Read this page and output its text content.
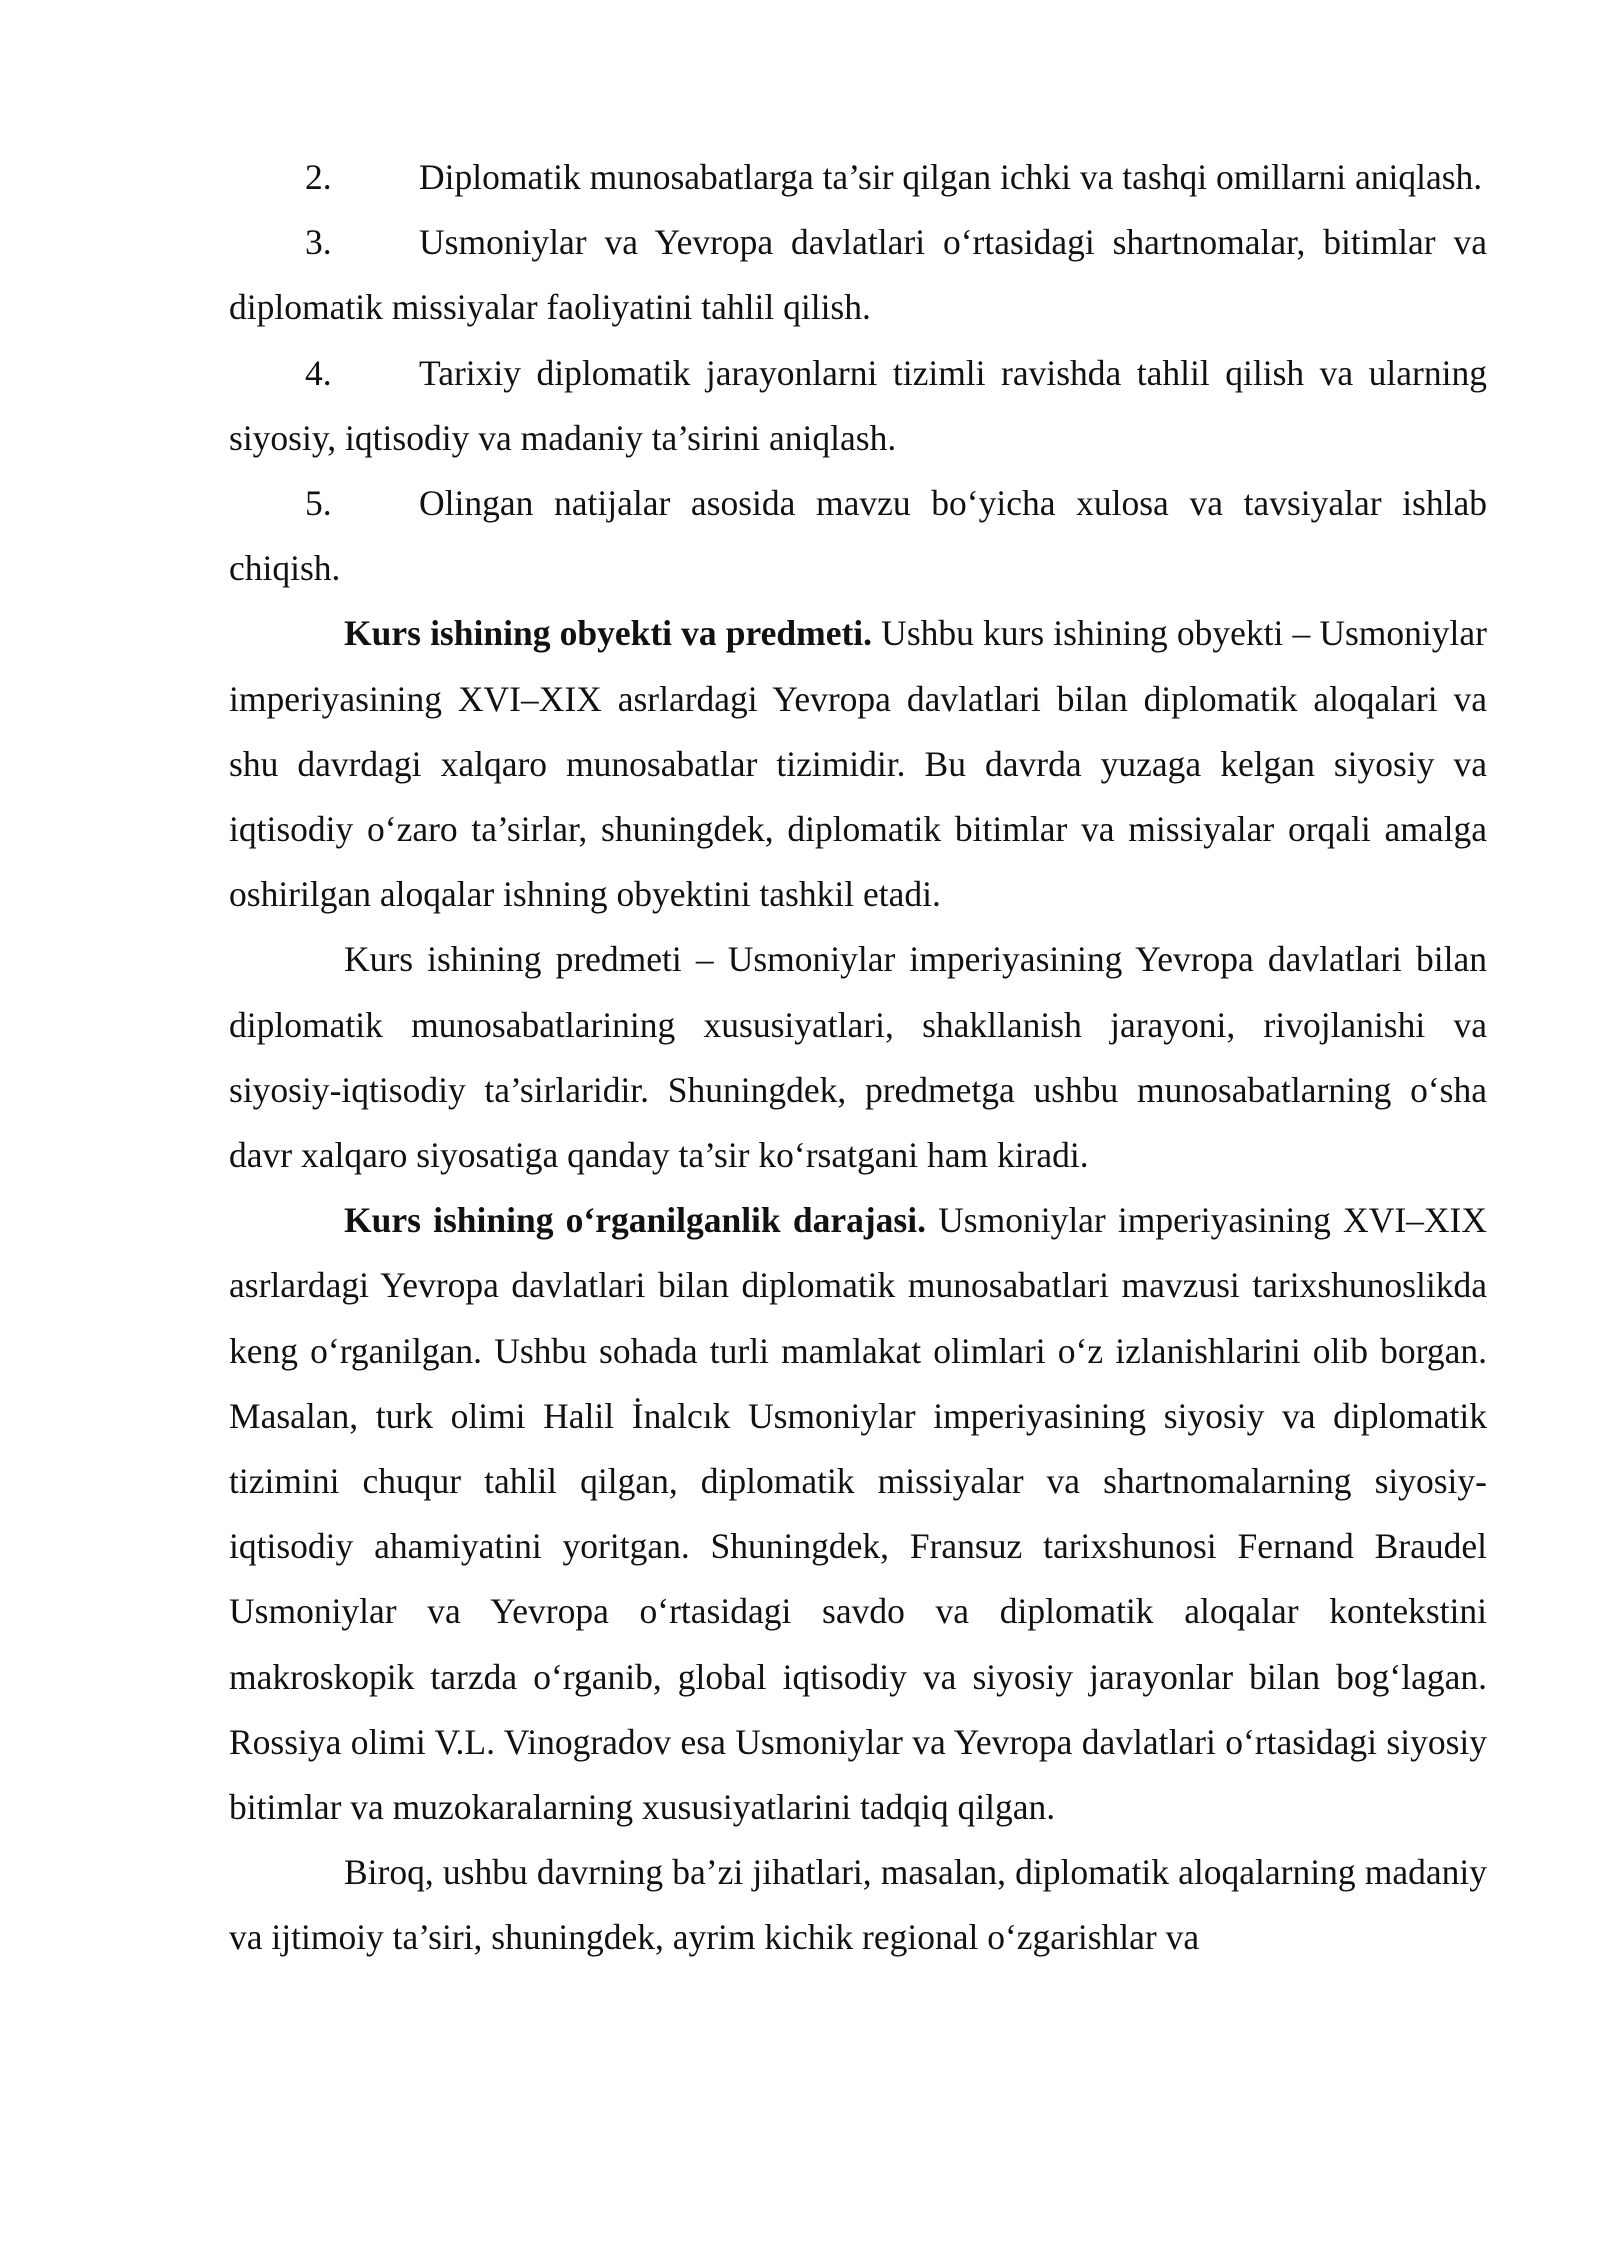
2. Diplomatik munosabatlarga ta’sir qilgan ichki va tashqi omillarni aniqlash.

3. Usmoniylar va Yevropa davlatlari o‘rtasidagi shartnomalar, bitimlar va diplomatik missiyalar faoliyatini tahlil qilish.

4. Tarixiy diplomatik jarayonlarni tizimli ravishda tahlil qilish va ularning siyosiy, iqtisodiy va madaniy ta’sirini aniqlash.

5. Olingan natijalar asosida mavzu bo‘yicha xulosa va tavsiyalar ishlab chiqish.

Kurs ishining obyekti va predmeti. Ushbu kurs ishining obyekti – Usmoniylar imperiyasining XVI–XIX asrlardagi Yevropa davlatlari bilan diplomatik aloqalari va shu davrdagi xalqaro munosabatlar tizimidir. Bu davrda yuzaga kelgan siyosiy va iqtisodiy o‘zaro ta’sirlar, shuningdek, diplomatik bitimlar va missiyalar orqali amalga oshirilgan aloqalar ishning obyektini tashkil etadi.

Kurs ishining predmeti – Usmoniylar imperiyasining Yevropa davlatlari bilan diplomatik munosabatlarining xususiyatlari, shakllanish jarayoni, rivojlanishi va siyosiy-iqtisodiy ta’sirlaridir. Shuningdek, predmetga ushbu munosabatlarning o‘sha davr xalqaro siyosatiga qanday ta’sir ko‘rsatgani ham kiradi.

Kurs ishining o‘rganilganlik darajasi. Usmoniylar imperiyasining XVI–XIX asrlardagi Yevropa davlatlari bilan diplomatik munosabatlari mavzusi tarixshunoslikda keng o‘rganilgan. Ushbu sohada turli mamlakat olimlari o‘z izlanishlarini olib borgan. Masalan, turk olimi Halil İnalcık Usmoniylar imperiyasining siyosiy va diplomatik tizimini chuqur tahlil qilgan, diplomatik missiyalar va shartnomalarning siyosiy-iqtisodiy ahamiyatini yoritgan. Shuningdek, Fransuz tarixshunosi Fernand Braudel Usmoniylar va Yevropa o‘rtasidagi savdo va diplomatik aloqalar kontekstini makroskopik tarzda o‘rganib, global iqtisodiy va siyosiy jarayonlar bilan bog‘lagan. Rossiya olimi V.L. Vinogradov esa Usmoniylar va Yevropa davlatlari o‘rtasidagi siyosiy bitimlar va muzokaralarning xususiyatlarini tadqiq qilgan.

Biroq, ushbu davrning ba’zi jihatlari, masalan, diplomatik aloqalarning madaniy va ijtimoiy ta’siri, shuningdek, ayrim kichik regional o‘zgarishlar va
